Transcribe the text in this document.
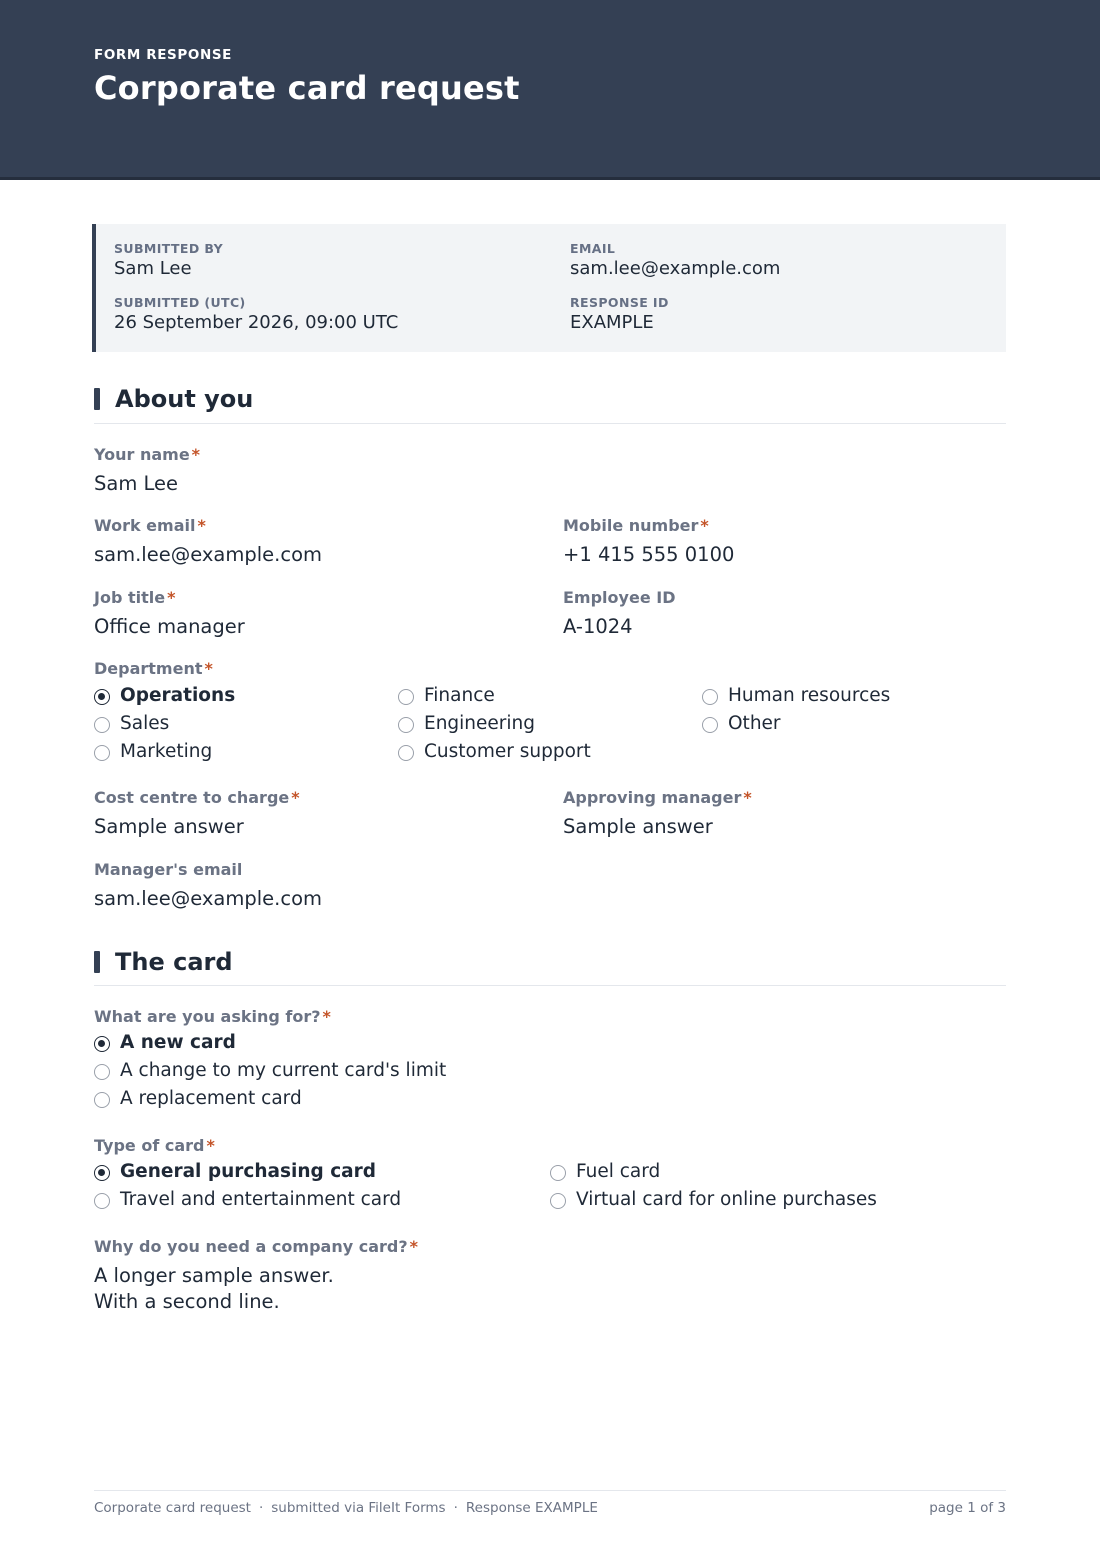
FORM RESPONSE
Corporate card request
SUBMITTED BY
Sam Lee
EMAIL
sam.lee@example.com
SUBMITTED (UTC)
26 September 2026, 09:00 UTC
RESPONSE ID
EXAMPLE
About you
Your name *
Sam Lee
Work email *
sam.lee@example.com
Mobile number *
+1 415 555 0100
Job title *
Office manager
Employee ID
A-1024
Department *
Operations	Finance	Human resources
Sales	Engineering	Other
Marketing	Customer support
Cost centre to charge *
Sample answer
Approving manager *
Sample answer
Manager's email
sam.lee@example.com
The card
What are you asking for? *
A new card
A change to my current card's limit
A replacement card
Type of card *
General purchasing card	Fuel card
Travel and entertainment card	Virtual card for online purchases
Why do you need a company card? *
A longer sample answer.
With a second line.
Corporate card request · submitted via FileIt Forms · Response EXAMPLE	page 1 of 3
